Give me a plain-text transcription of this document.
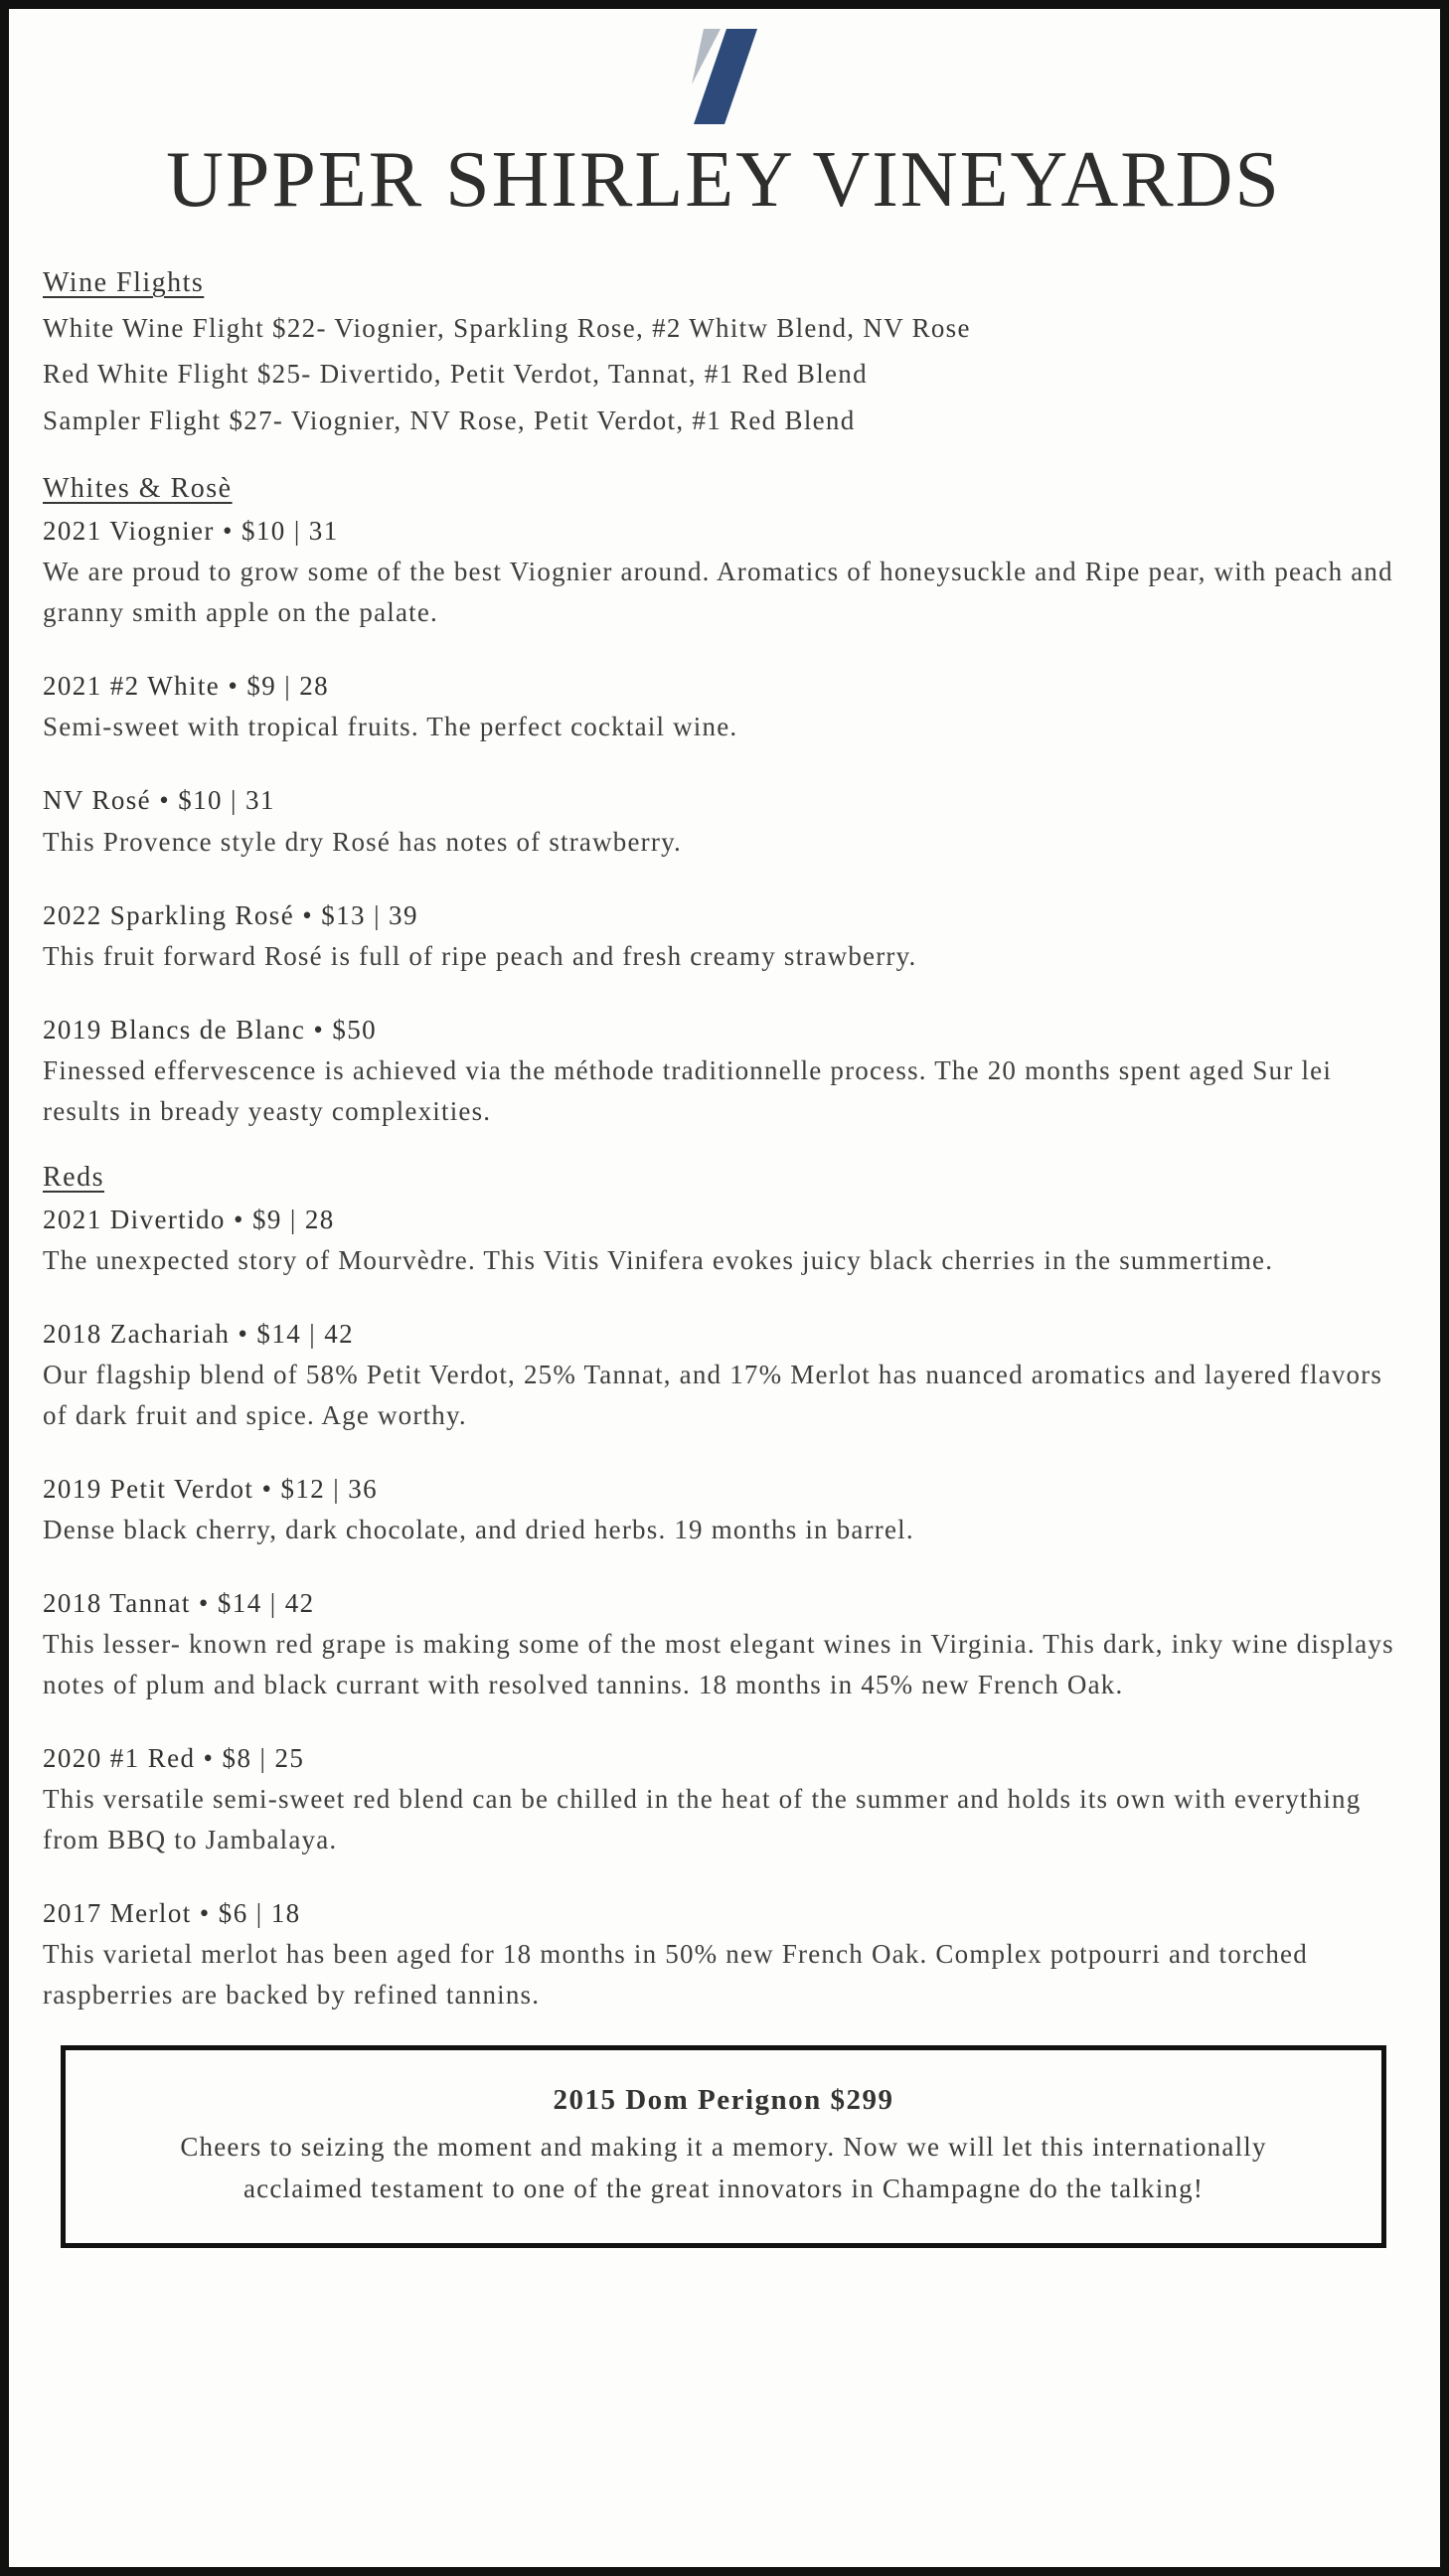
UPPER SHIRLEY VINEYARDS
Wine Flights

White Wine Flight $22- Viognier, Sparkling Rose, #2 Whitw Blend, NV Rose

Red White Flight $25- Divertido, Petit Verdot, Tannat, #1 Red Blend

Sampler Flight $27- Viognier, NV Rose, Petit Verdot, #1 Red Blend

Whites & Rosè

2021 Viognier • $10 | 31

We are proud to grow some of the best Viognier around. Aromatics of honeysuckle and Ripe pear, with peach and granny smith apple on the palate.

2021 #2 White • $9 | 28

Semi-sweet with tropical fruits. The perfect cocktail wine.

NV Rosé • $10 | 31

This Provence style dry Rosé has notes of strawberry.

2022 Sparkling Rosé • $13 | 39

This fruit forward Rosé is full of ripe peach and fresh creamy strawberry.

2019 Blancs de Blanc • $50

Finessed effervescence is achieved via the méthode traditionnelle process. The 20 months spent aged Sur lei results in bready yeasty complexities.

Reds

2021 Divertido • $9 | 28

The unexpected story of Mourvèdre. This Vitis Vinifera evokes juicy black cherries in the summertime.

2018 Zachariah • $14 | 42

Our flagship blend of 58% Petit Verdot, 25% Tannat, and 17% Merlot has nuanced aromatics and layered flavors of dark fruit and spice. Age worthy.

2019 Petit Verdot • $12 | 36

Dense black cherry, dark chocolate, and dried herbs. 19 months in barrel.

2018 Tannat • $14 | 42

This lesser- known red grape is making some of the most elegant wines in Virginia. This dark, inky wine displays notes of plum and black currant with resolved tannins. 18 months in 45% new French Oak.

2020 #1 Red • $8 | 25

This versatile semi-sweet red blend can be chilled in the heat of the summer and holds its own with everything from BBQ to Jambalaya.

2017 Merlot • $6 | 18

This varietal merlot has been aged for 18 months in 50% new French Oak. Complex potpourri and torched raspberries are backed by refined tannins.

2015 Dom Perignon $299

Cheers to seizing the moment and making it a memory. Now we will let this internationally acclaimed testament to one of the great innovators in Champagne do the talking!
